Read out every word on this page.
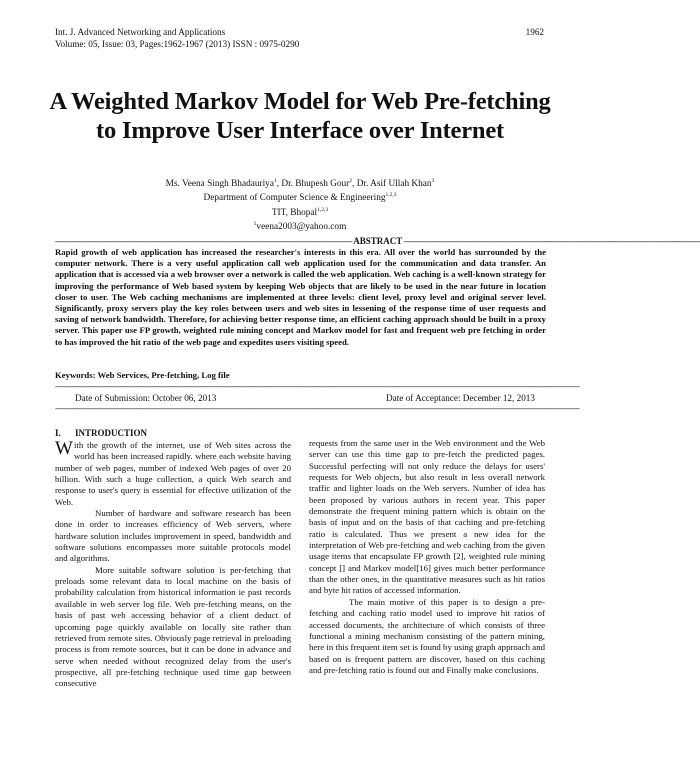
Int. J. Advanced Networking and Applications
Volume: 05, Issue: 03, Pages:1962-1967 (2013) ISSN : 0975-0290
1962
A Weighted Markov Model for Web Pre-fetching to Improve User Interface over Internet
Ms. Veena Singh Bhadauriya$^1$, Dr. Bhupesh Gour$^2$, Dr. Asif Ullah Khan$^3$
Department of Computer Science & Engineering$^{1,2,3}$
TIT, Bhopal$^{1,2,3}$
$^1$veena2003@yahoo.com
------------------------------------------------------------------------------------------------------------------------------------------------ ABSTRACT ------------------------------------------------------------------------------------------------------------------------------------------------
Rapid growth of web application has increased the researcher's interests in this era. All over the world has surrounded by the computer network. There is a very useful application call web application used for the communication and data transfer. An application that is accessed via a web browser over a network is called the web application. Web caching is a well-known strategy for improving the performance of Web based system by keeping Web objects that are likely to be used in the near future in location closer to user. The Web caching mechanisms are implemented at three levels: client level, proxy level and original server level. Significantly, proxy servers play the key roles between users and web sites in lessening of the response time of user requests and saving of network bandwidth. Therefore, for achieving better response time, an efficient caching approach should be built in a proxy server. This paper use FP growth, weighted rule mining concept and Markov model for fast and frequent web pre fetching in order to has improved the hit ratio of the web page and expedites users visiting speed.
Keywords: Web Services, Pre-fetching, Log file
--------------------------------------------------------------------------------------------------------------------------------------------------------------------------------------------------------------------------------------------------------------
Date of Submission: October 06, 2013	Date of Acceptance: December 12, 2013
--------------------------------------------------------------------------------------------------------------------------------------------------------------------------------------------------------------------------------------------------------------
I. INTRODUCTION

With the growth of the internet, use of Web sites across the world has been increased rapidly. where each website having number of web pages, number of indexed Web pages of over 20 billion. With such a huge collection, a quick Web search and response to user's query is essential for effective utilization of the Web.

Number of hardware and software research has been done in order to increases efficiency of Web servers, where hardware solution includes improvement in speed, bandwidth and software solutions encompasses more suitable protocols model and algorithms.

More suitable software solution is per-fetching that preloads some relevant data to local machine on the basis of probability calculation from historical information ie past records available in web server log file. Web pre-fetching means, on the basis of past web accessing behavior of a client deduct of upcoming page quickly available on locally site rather than retrieved from remote sites. Obviously page retrieval in preloading process is from remote sources, but it can be done in advance and serve when needed without recognized delay from the user's prospective, all pre-fetching technique used time gap between consecutive

requests from the same user in the Web environment and the Web server can use this time gap to pre-fetch the predicted pages. Successful perfecting will not only reduce the delays for users' requests for Web objects, but also result in less overall network traffic and lighter loads on the Web servers. Number of idea has been proposed by various authors in recent year. This paper demonstrate the frequent mining pattern which is obtain on the basis of input and on the basis of that caching and pre-fetching ratio is calculated. Thus we present a new idea for the interpretation of Web pre-fetching and web caching from the given usage items that encapsulate FP growth [2], weighted rule mining concept [] and Markov model[16] gives much better performance than the other ones, in the quantitative measures such as hit ratios and byte hit ratios of accessed information.

The main motive of this paper is to design a pre-fetching and caching ratio model used to improve hit ratios of accessed documents, the architecture of which consists of three functional a mining mechanism consisting of the pattern mining, here in this frequent item set is found by using graph approach and based on is frequent pattern are discover, based on this caching and pre-fetching ratio is found out and Finally make conclusions.
